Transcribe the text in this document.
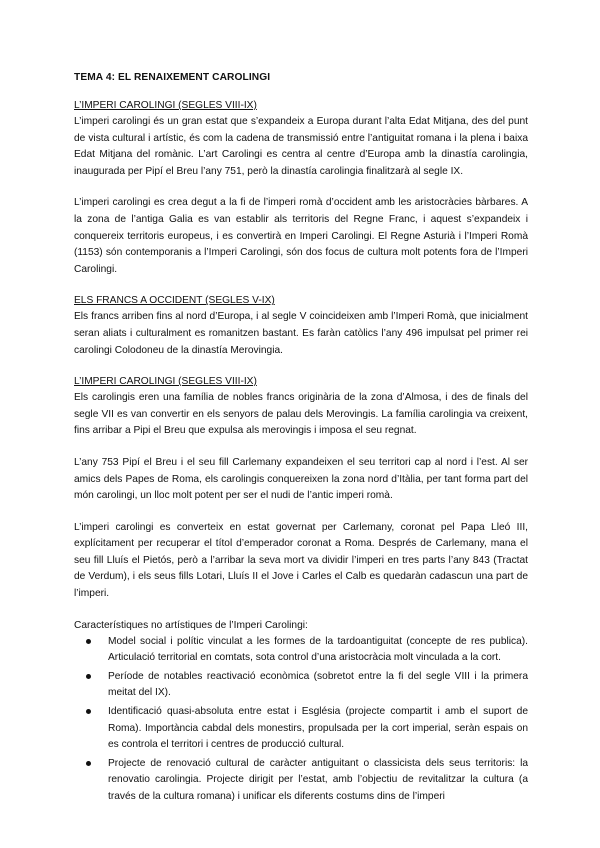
TEMA 4: EL RENAIXEMENT CAROLINGI

L’IMPERI CAROLINGI (SEGLES VIII-IX)

L’imperi carolingi és un gran estat que s’expandeix a Europa durant l’alta Edat Mitjana, des del punt de vista cultural i artístic, és com la cadena de transmissió entre l’antiguitat romana i la plena i baixa Edat Mitjana del romànic. L’art Carolingi es centra al centre d’Europa amb la dinastía carolingia, inaugurada per Pipí el Breu l’any 751, però la dinastía carolingia finalitzarà al segle IX.

L’imperi carolingi es crea degut a la fi de l’imperi romà d’occident amb les aristocràcies bàrbares. A la zona de l’antiga Galia es van establir als territoris del Regne Franc, i aquest s’expandeix i conquereix territoris europeus, i es convertirà en Imperi Carolingi. El Regne Asturià i l’Imperi Romà (1153) són contemporanis a l’Imperi Carolingi, són dos focus de cultura molt potents fora de l’Imperi Carolingi.

ELS FRANCS A OCCIDENT (SEGLES V-IX)

Els francs arriben fins al nord d’Europa, i al segle V coincideixen amb l’Imperi Romà, que inicialment seran aliats i culturalment es romanitzen bastant. Es faràn catòlics l’any 496 impulsat pel primer rei carolingi Colodoneu de la dinastía Merovingia.

L’IMPERI CAROLINGI (SEGLES VIII-IX)

Els carolingis eren una família de nobles francs originària de la zona d’Almosa, i des de finals del segle VII es van convertir en els senyors de palau dels Merovingis. La família carolingia va creixent, fins arribar a Pipi el Breu que expulsa als merovingis i imposa el seu regnat.

L’any 753 Pipí el Breu i el seu fill Carlemany expandeixen el seu territori cap al nord i l’est. Al ser amics dels Papes de Roma, els carolingis conquereixen la zona nord d’Itàlia, per tant forma part del món carolingi, un lloc molt potent per ser el nudi de l’antic imperi romà.

L’imperi carolingi es converteix en estat governat per Carlemany, coronat pel Papa Lleó III, explícitament per recuperar el títol d’emperador coronat a Roma. Després de Carlemany, mana el seu fill Lluís el Pietós, però a l’arribar la seva mort va dividir l’imperi en tres parts l’any 843 (Tractat de Verdum), i els seus fills Lotari, Lluís II el Jove i Carles el Calb es quedaràn cadascun una part de l’imperi.

Característiques no artístiques de l’Imperi Carolingi:

Model social i polític vinculat a les formes de la tardoantiguitat (concepte de res publica). Articulació territorial en comtats, sota control d’una aristocràcia molt vinculada a la cort.
Període de notables reactivació econòmica (sobretot entre la fi del segle VIII i la primera meitat del IX).
Identificació quasi-absoluta entre estat i Església (projecte compartit i amb el suport de Roma). Importància cabdal dels monestirs, propulsada per la cort imperial, seràn espais on es controla el territori i centres de producció cultural.
Projecte de renovació cultural de caràcter antiguitant o classicista dels seus territoris: la renovatio carolingia. Projecte dirigit per l’estat, amb l’objectiu de revitalitzar la cultura (a través de la cultura romana) i unificar els diferents costums dins de l’imperi
